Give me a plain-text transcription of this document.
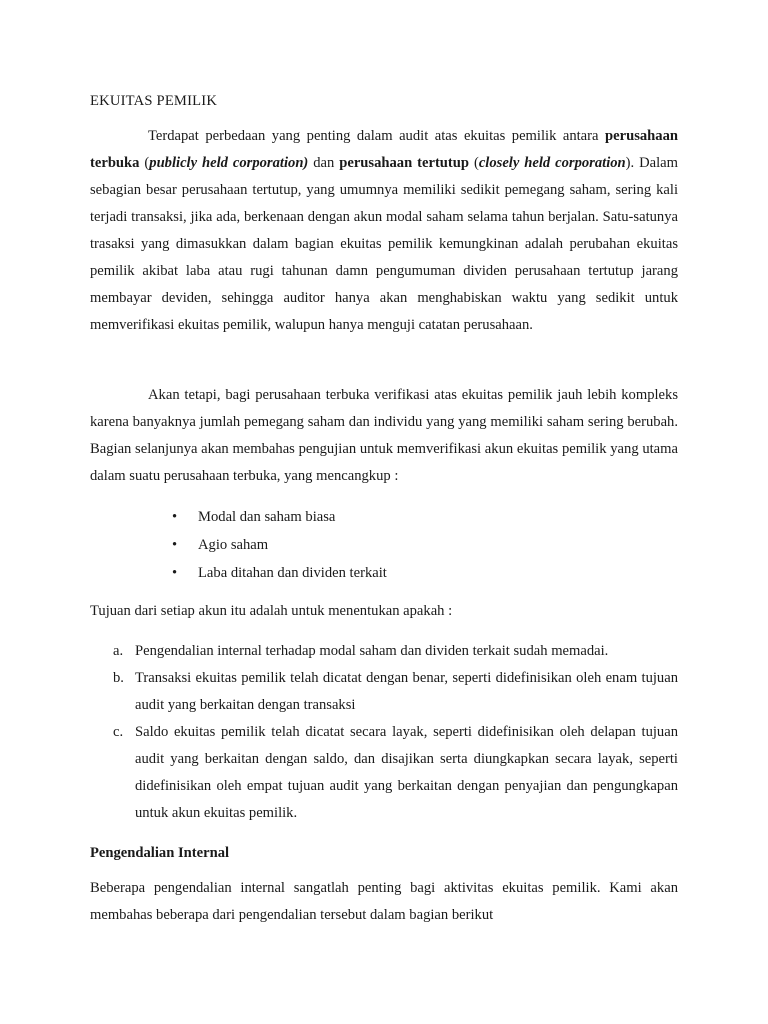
EKUITAS PEMILIK

Terdapat perbedaan yang penting dalam audit atas ekuitas pemilik antara perusahaan terbuka (publicly held corporation) dan perusahaan tertutup (closely held corporation). Dalam sebagian besar perusahaan tertutup, yang umumnya memiliki sedikit pemegang saham, sering kali terjadi transaksi, jika ada, berkenaan dengan akun modal saham selama tahun berjalan. Satu-satunya trasaksi yang dimasukkan dalam bagian ekuitas pemilik kemungkinan adalah perubahan ekuitas pemilik akibat laba atau rugi tahunan damn pengumuman dividen perusahaan tertutup jarang membayar deviden, sehingga auditor hanya akan menghabiskan waktu yang sedikit untuk memverifikasi ekuitas pemilik, walupun hanya menguji catatan perusahaan.

Akan tetapi, bagi perusahaan terbuka verifikasi atas ekuitas pemilik jauh lebih kompleks karena banyaknya jumlah pemegang saham dan individu yang yang memiliki saham sering berubah. Bagian selanjunya akan membahas pengujian untuk memverifikasi akun ekuitas pemilik yang utama dalam suatu perusahaan terbuka, yang mencangkup :

• Modal dan saham biasa
• Agio saham
• Laba ditahan dan dividen terkait

Tujuan dari setiap akun itu adalah untuk menentukan apakah :

a. Pengendalian internal terhadap modal saham dan dividen terkait sudah memadai.
b. Transaksi ekuitas pemilik telah dicatat dengan benar, seperti didefinisikan oleh enam tujuan audit yang berkaitan dengan transaksi
c. Saldo ekuitas pemilik telah dicatat secara layak, seperti didefinisikan oleh delapan tujuan audit yang berkaitan dengan saldo, dan disajikan serta diungkapkan secara layak, seperti didefinisikan oleh empat tujuan audit yang berkaitan dengan penyajian dan pengungkapan untuk akun ekuitas pemilik.

Pengendalian Internal

Beberapa pengendalian internal sangatlah penting bagi aktivitas ekuitas pemilik. Kami akan membahas beberapa dari pengendalian tersebut dalam bagian berikut
